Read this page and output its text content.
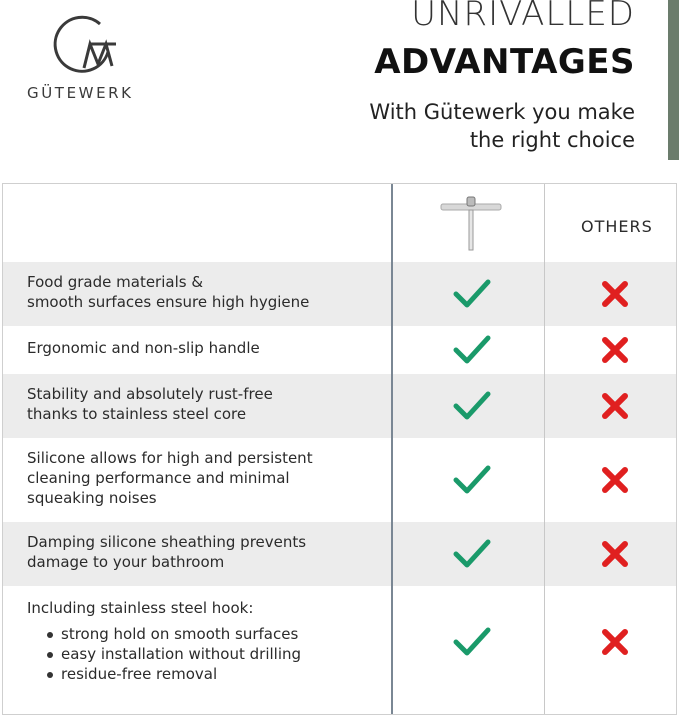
GÜTEWERK
UNRIVALLED
ADVANTAGES
With Gütewerk you make
the right choice
OTHERS
Food grade materials &
smooth surfaces ensure high hygiene
Ergonomic and non-slip handle
Stability and absolutely rust-free
thanks to stainless steel core
Silicone allows for high and persistent
cleaning performance and minimal
squeaking noises
Damping silicone sheathing prevents
damage to your bathroom
Including stainless steel hook:
strong hold on smooth surfaces
easy installation without drilling
residue-free removal
